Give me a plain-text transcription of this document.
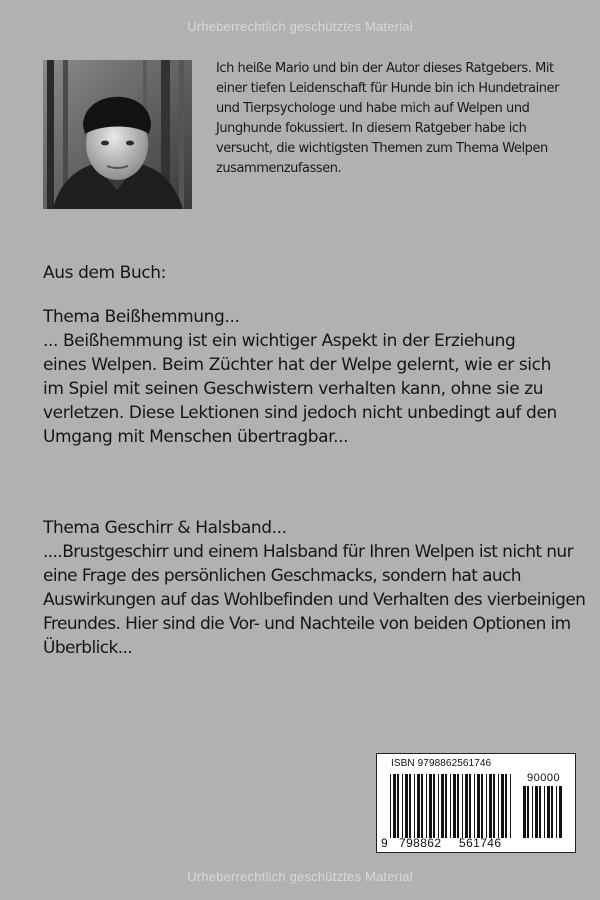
Urheberrechtlich geschütztes Material

Ich heiße Mario und bin der Autor dieses Ratgebers. Mit einer tiefen Leidenschaft für Hunde bin ich Hundetrainer und Tierpsychologe und habe mich auf Welpen und Junghunde fokussiert. In diesem Ratgeber habe ich versucht, die wichtigsten Themen zum Thema Welpen zusammenzufassen.

Aus dem Buch:

Thema Beißhemmung...

... Beißhemmung ist ein wichtiger Aspekt in der Erziehung eines Welpen. Beim Züchter hat der Welpe gelernt, wie er sich im Spiel mit seinen Geschwistern verhalten kann, ohne sie zu verletzen. Diese Lektionen sind jedoch nicht unbedingt auf den Umgang mit Menschen übertragbar...

Thema Geschirr & Halsband...

....Brustgeschirr und einem Halsband für Ihren Welpen ist nicht nur eine Frage des persönlichen Geschmacks, sondern hat auch Auswirkungen auf das Wohlbefinden und Verhalten des vierbeinigen Freundes. Hier sind die Vor- und Nachteile von beiden Optionen im Überblick...

ISBN 9798862561746
90000
9 798862 561746
Urheberrechtlich geschütztes Material
